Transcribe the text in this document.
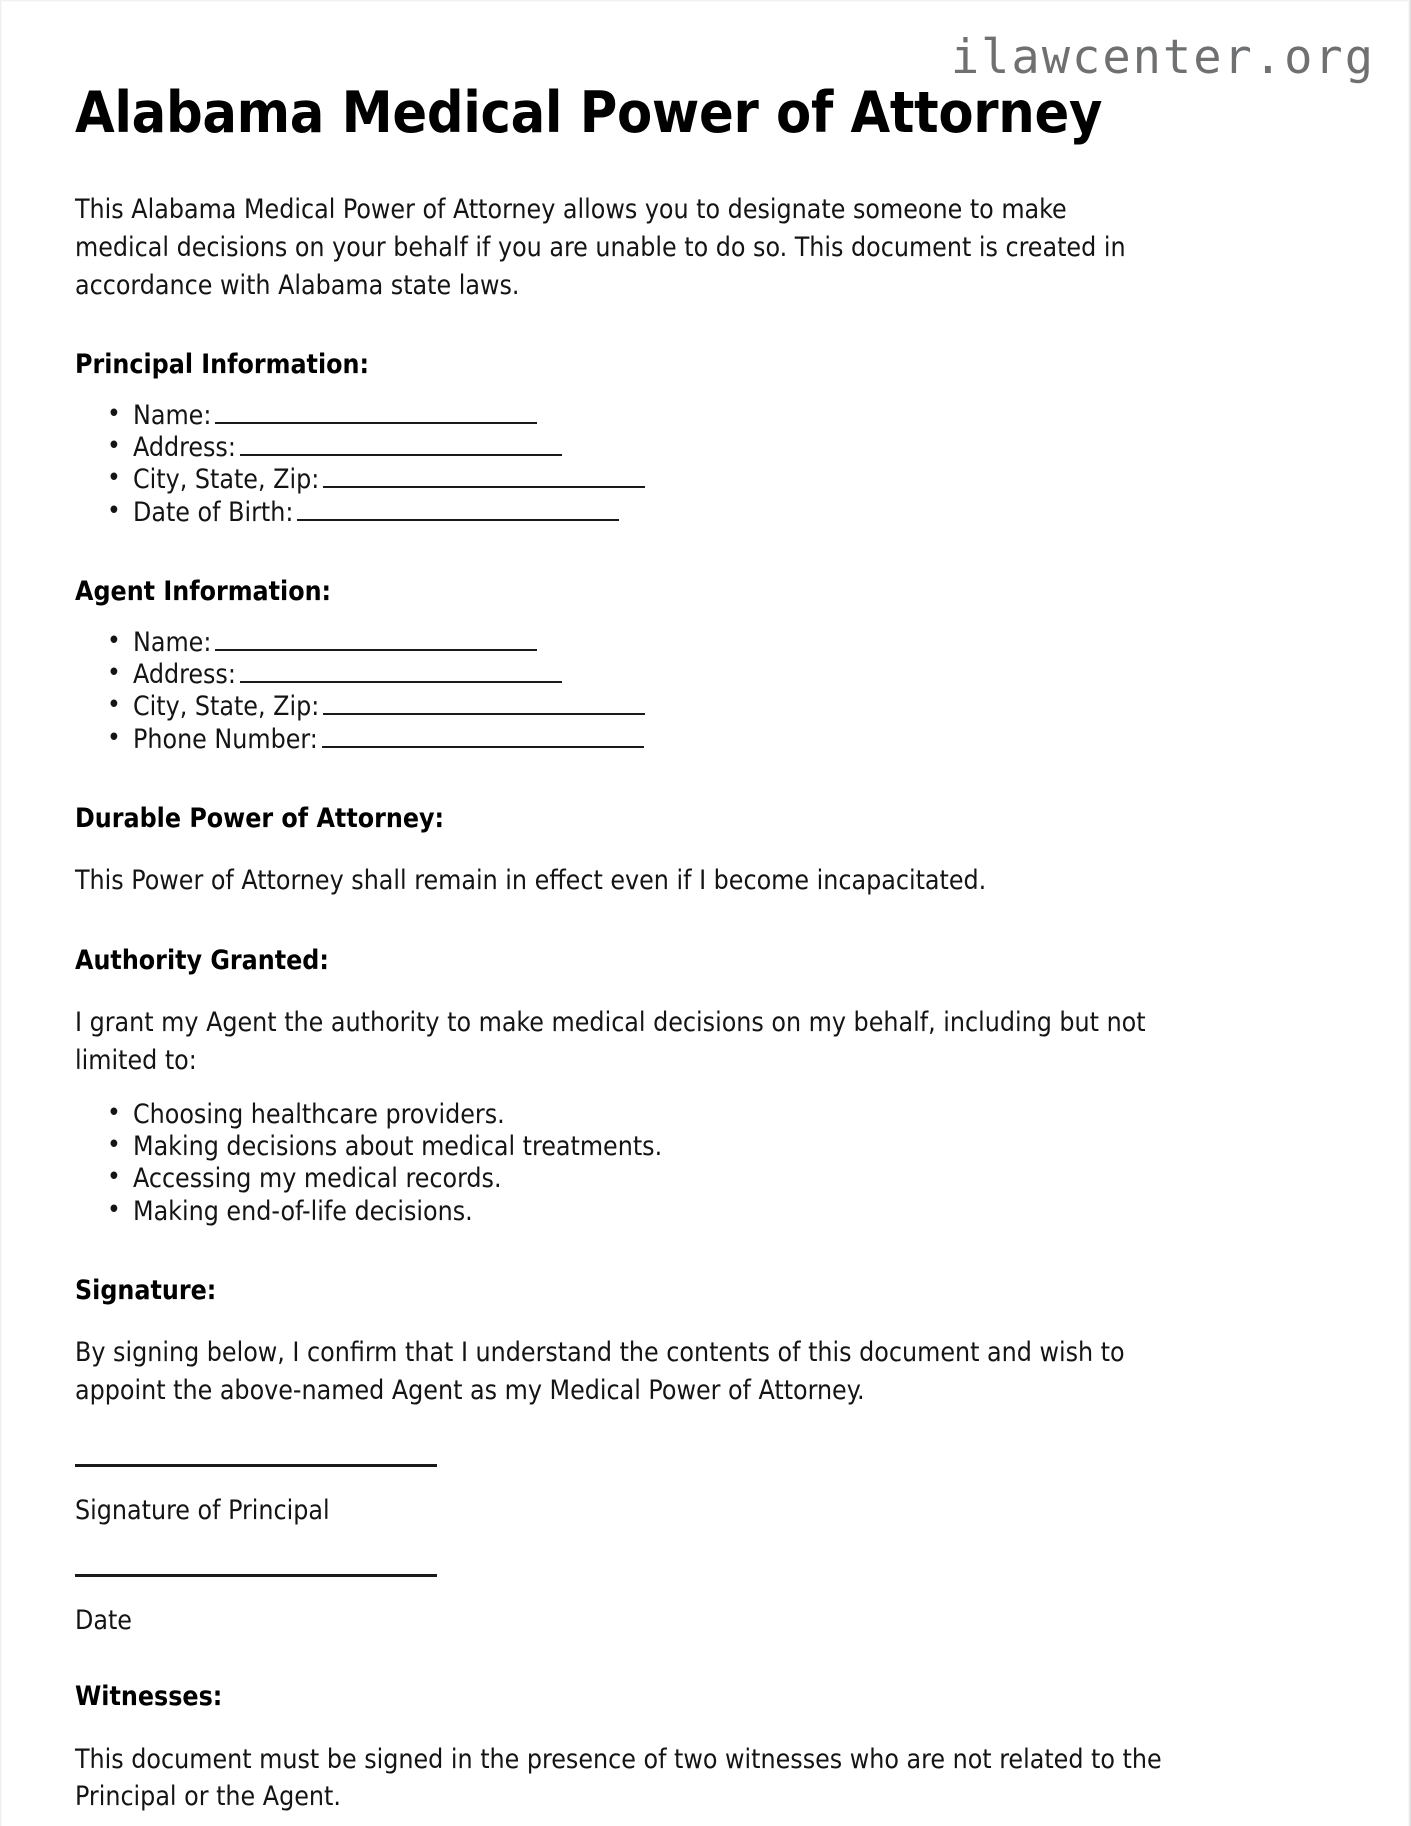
ilawcenter.org
Alabama Medical Power of Attorney

This Alabama Medical Power of Attorney allows you to designate someone to make medical decisions on your behalf if you are unable to do so. This document is created in accordance with Alabama state laws.

Principal Information:
• Name:
• Address:
• City, State, Zip:
• Date of Birth:
Agent Information:
• Name:
• Address:
• City, State, Zip:
• Phone Number:
Durable Power of Attorney:

This Power of Attorney shall remain in effect even if I become incapacitated.

Authority Granted:

I grant my Agent the authority to make medical decisions on my behalf, including but not limited to:

• Choosing healthcare providers.
• Making decisions about medical treatments.
• Accessing my medical records.
• Making end-of-life decisions.
Signature:

By signing below, I confirm that I understand the contents of this document and wish to appoint the above-named Agent as my Medical Power of Attorney.

Signature of Principal

Date

Witnesses:

This document must be signed in the presence of two witnesses who are not related to the Principal or the Agent.
